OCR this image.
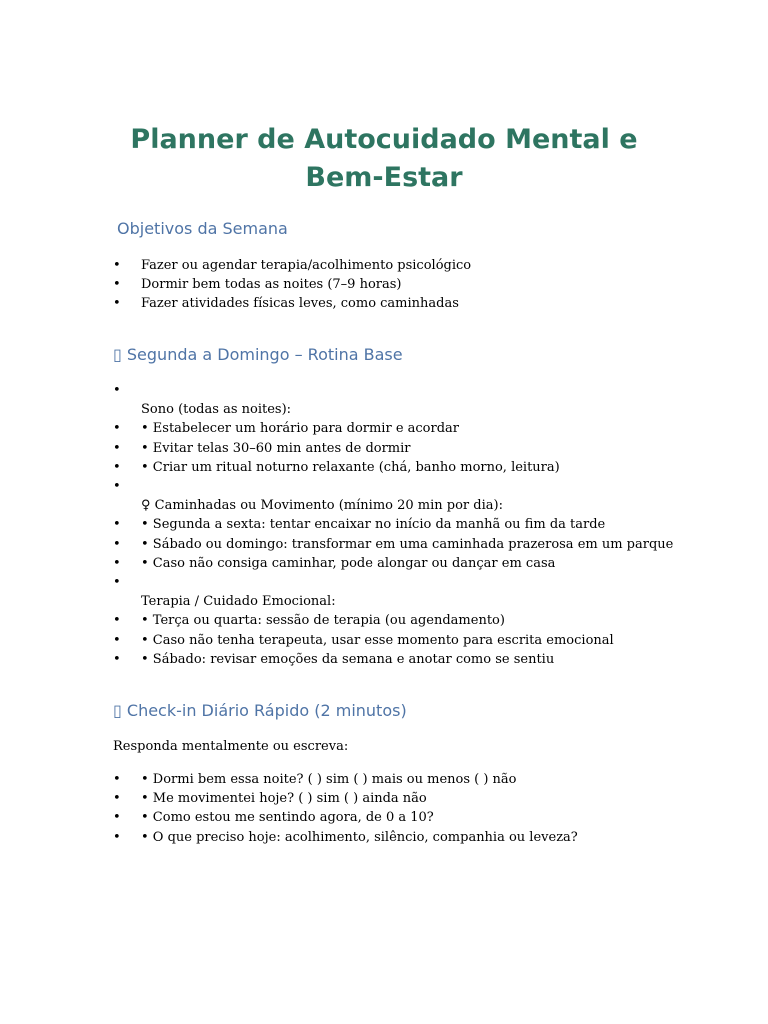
Planner de Autocuidado Mental e
Bem-Estar
Objetivos da Semana
• Fazer ou agendar terapia/acolhimento psicológico
• Dormir bem todas as noites (7–9 horas)
• Fazer atividades físicas leves, como caminhadas
▯ Segunda a Domingo – Rotina Base
•
Sono (todas as noites):
• • Estabelecer um horário para dormir e acordar
• • Evitar telas 30–60 min antes de dormir
• • Criar um ritual noturno relaxante (chá, banho morno, leitura)
•
♀ Caminhadas ou Movimento (mínimo 20 min por dia):
• • Segunda a sexta: tentar encaixar no início da manhã ou fim da tarde
• • Sábado ou domingo: transformar em uma caminhada prazerosa em um parque
• • Caso não consiga caminhar, pode alongar ou dançar em casa
•
Terapia / Cuidado Emocional:
• • Terça ou quarta: sessão de terapia (ou agendamento)
• • Caso não tenha terapeuta, usar esse momento para escrita emocional
• • Sábado: revisar emoções da semana e anotar como se sentiu
▯ Check-in Diário Rápido (2 minutos)
Responda mentalmente ou escreva:
• • Dormi bem essa noite? ( ) sim ( ) mais ou menos ( ) não
• • Me movimentei hoje? ( ) sim ( ) ainda não
• • Como estou me sentindo agora, de 0 a 10?
• • O que preciso hoje: acolhimento, silêncio, companhia ou leveza?
